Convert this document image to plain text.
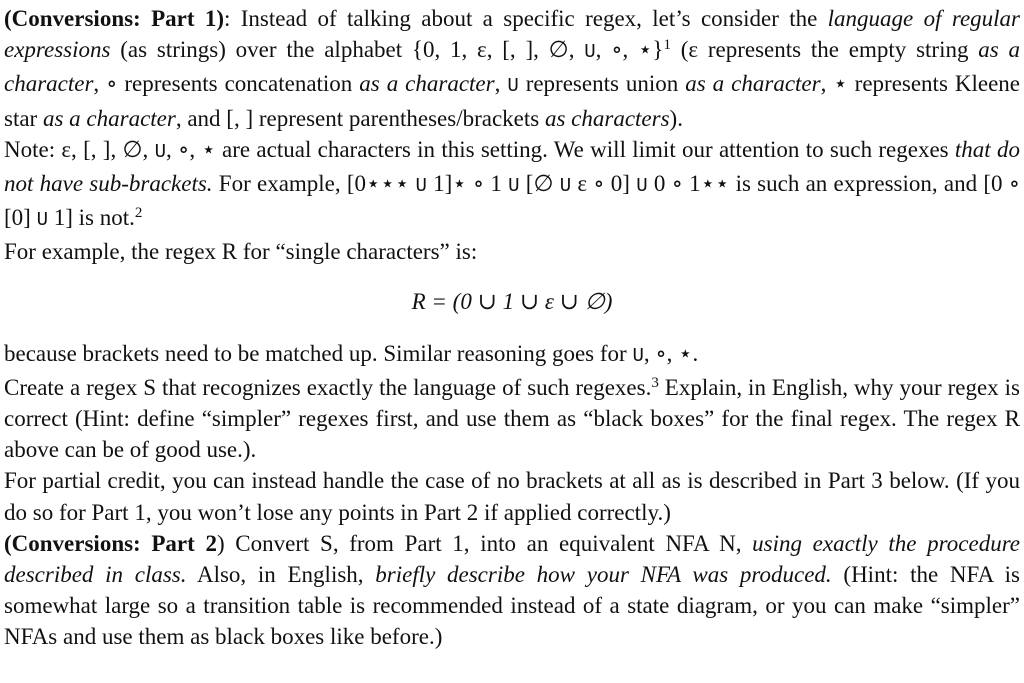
(Conversions: Part 1): Instead of talking about a specific regex, let’s consider the language of regular expressions (as strings) over the alphabet {0, 1, ε, [, ], ∅, U, ∘, ⋆}$^1$ (ε represents the empty string as a character, ∘ represents concatenation as a character, U represents union as a character, ⋆ represents Kleene star as a character, and [, ] represent parentheses/brackets as characters).

Note: ε, [, ], ∅, U, ∘, ⋆ are actual characters in this setting. We will limit our attention to such regexes that do not have sub-brackets. For example, [0⋆⋆⋆ U 1]⋆ ∘ 1 U [∅ U ε ∘ 0] U 0 ∘ 1⋆⋆ is such an expression, and [0 ∘ [0] U 1] is not.$^2$

For example, the regex R for “single characters” is:

R = (0 ∪ 1 ∪ ε ∪ ∅)

because brackets need to be matched up. Similar reasoning goes for U, ∘, ⋆.

Create a regex S that recognizes exactly the language of such regexes.$^3$ Explain, in English, why your regex is correct (Hint: define “simpler” regexes first, and use them as “black boxes” for the final regex. The regex R above can be of good use.).

For partial credit, you can instead handle the case of no brackets at all as is described in Part 3 below. (If you do so for Part 1, you won’t lose any points in Part 2 if applied correctly.)

(Conversions: Part 2) Convert S, from Part 1, into an equivalent NFA N, using exactly the procedure described in class. Also, in English, briefly describe how your NFA was produced. (Hint: the NFA is somewhat large so a transition table is recommended instead of a state diagram, or you can make “simpler” NFAs and use them as black boxes like before.)
